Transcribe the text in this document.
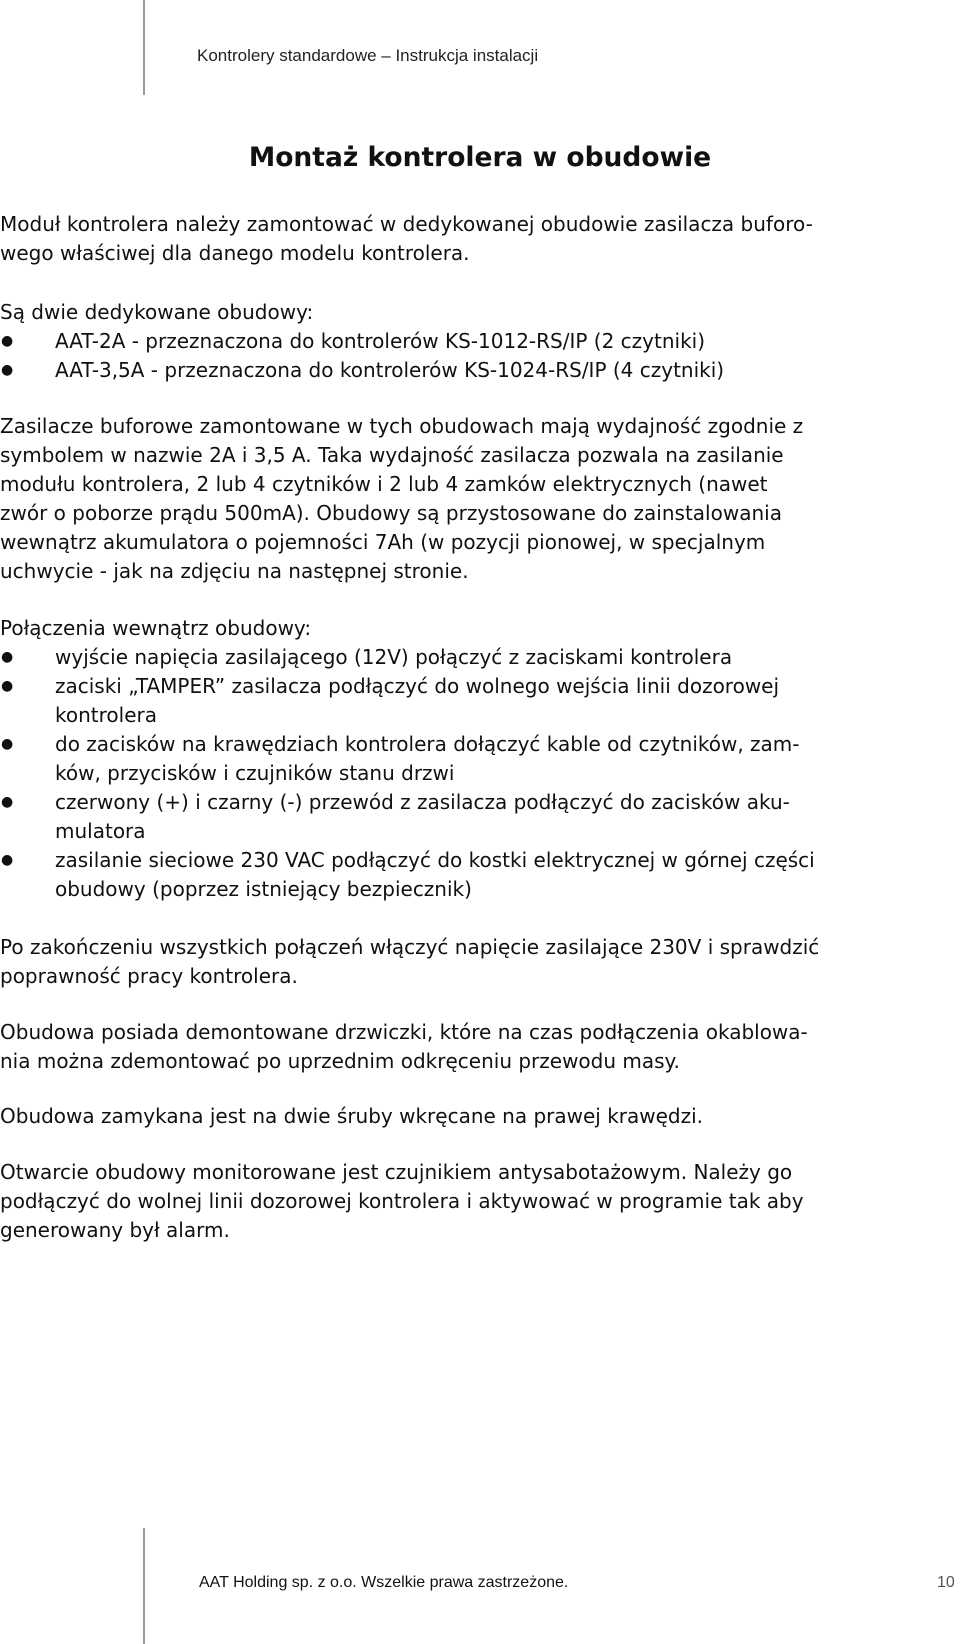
Kontrolery standardowe – Instrukcja instalacji
Montaż kontrolera w obudowie

Moduł kontrolera należy zamontować w dedykowanej obudowie zasilacza buforo-
wego właściwej dla danego modelu kontrolera.

Są dwie dedykowane obudowy:

● AAT-2A - przeznaczona do kontrolerów KS-1012-RS/IP (2 czytniki)
● AAT-3,5A - przeznaczona do kontrolerów KS-1024-RS/IP (4 czytniki)

Zasilacze buforowe zamontowane w tych obudowach mają wydajność zgodnie z
symbolem w nazwie 2A i 3,5 A. Taka wydajność zasilacza pozwala na zasilanie
modułu kontrolera, 2 lub 4 czytników i 2 lub 4 zamków elektrycznych (nawet
zwór o poborze prądu 500mA). Obudowy są przystosowane do zainstalowania
wewnątrz akumulatora o pojemności 7Ah (w pozycji pionowej, w specjalnym
uchwycie - jak na zdjęciu na następnej stronie.

Połączenia wewnątrz obudowy:

● wyjście napięcia zasilającego (12V) połączyć z zaciskami kontrolera
● zaciski „TAMPER” zasilacza podłączyć do wolnego wejścia linii dozorowej
kontrolera
● do zacisków na krawędziach kontrolera dołączyć kable od czytników, zam-
ków, przycisków i czujników stanu drzwi
● czerwony (+) i czarny (-) przewód z zasilacza podłączyć do zacisków aku-
mulatora
● zasilanie sieciowe 230 VAC podłączyć do kostki elektrycznej w górnej części
obudowy (poprzez istniejący bezpiecznik)

Po zakończeniu wszystkich połączeń włączyć napięcie zasilające 230V i sprawdzić
poprawność pracy kontrolera.

Obudowa posiada demontowane drzwiczki, które na czas podłączenia okablowa-
nia można zdemontować po uprzednim odkręceniu przewodu masy.

Obudowa zamykana jest na dwie śruby wkręcane na prawej krawędzi.

Otwarcie obudowy monitorowane jest czujnikiem antysabotażowym. Należy go
podłączyć do wolnej linii dozorowej kontrolera i aktywować w programie tak aby
generowany był alarm.

AAT Holding sp. z o.o. Wszelkie prawa zastrzeżone.	10
